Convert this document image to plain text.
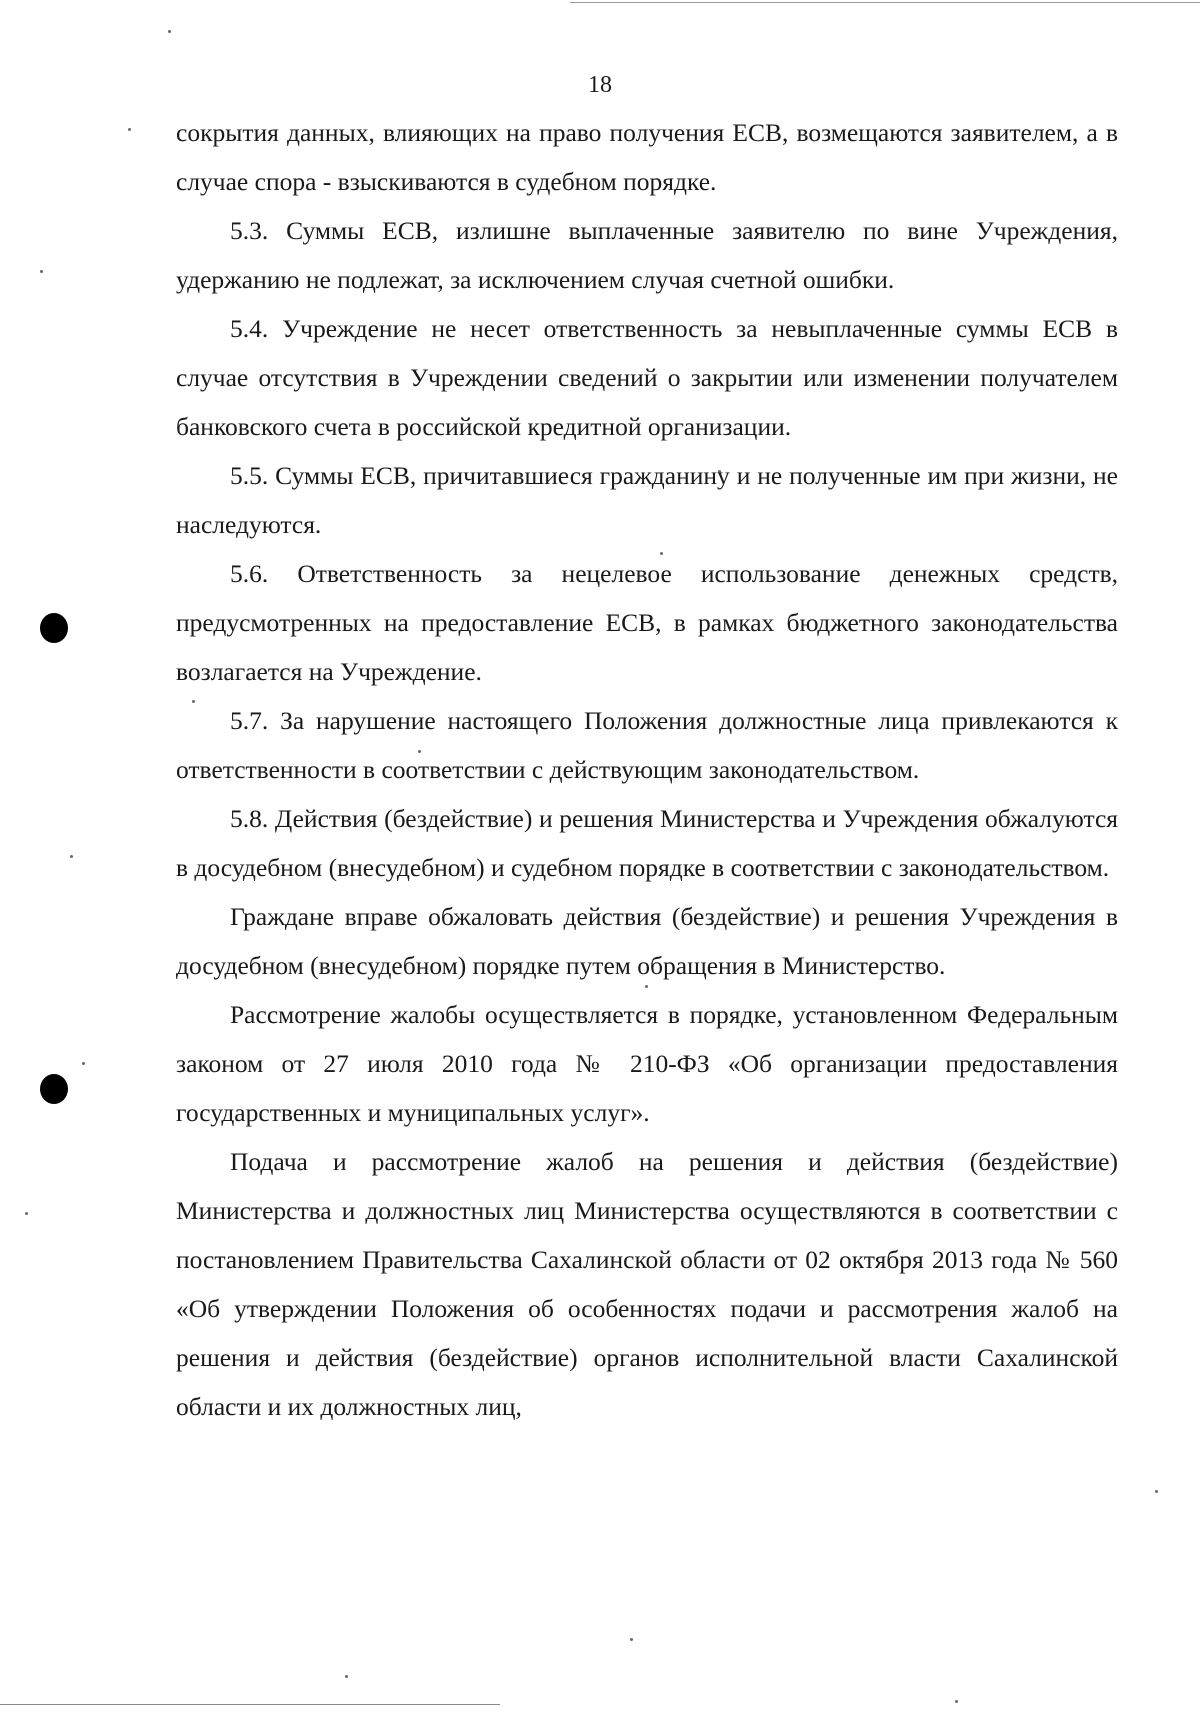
18

сокрытия данных, влияющих на право получения ЕСВ, возмещаются заявителем, а в случае спора - взыскиваются в судебном порядке.

5.3. Суммы ЕСВ, излишне выплаченные заявителю по вине Учреждения, удержанию не подлежат, за исключением случая счетной ошибки.

5.4. Учреждение не несет ответственность за невыплаченные суммы ЕСВ в случае отсутствия в Учреждении сведений о закрытии или изменении получателем банковского счета в российской кредитной организации.

5.5. Суммы ЕСВ, причитавшиеся гражданину и не полученные им при жизни, не наследуются.

5.6. Ответственность за нецелевое использование денежных средств, предусмотренных на предоставление ЕСВ, в рамках бюджетного законодательства возлагается на Учреждение.

5.7. За нарушение настоящего Положения должностные лица привлекаются к ответственности в соответствии с действующим законодательством.

5.8. Действия (бездействие) и решения Министерства и Учреждения обжалуются в досудебном (внесудебном) и судебном порядке в соответствии с законодательством.

Граждане вправе обжаловать действия (бездействие) и решения Учреждения в досудебном (внесудебном) порядке путем обращения в Министерство.

Рассмотрение жалобы осуществляется в порядке, установленном Федеральным законом от 27 июля 2010 года № 210-ФЗ «Об организации предоставления государственных и муниципальных услуг».

Подача и рассмотрение жалоб на решения и действия (бездействие) Министерства и должностных лиц Министерства осуществляются в соответствии с постановлением Правительства Сахалинской области от 02 октября 2013 года № 560 «Об утверждении Положения об особенностях подачи и рассмотрения жалоб на решения и действия (бездействие) органов исполнительной власти Сахалинской области и их должностных лиц,
